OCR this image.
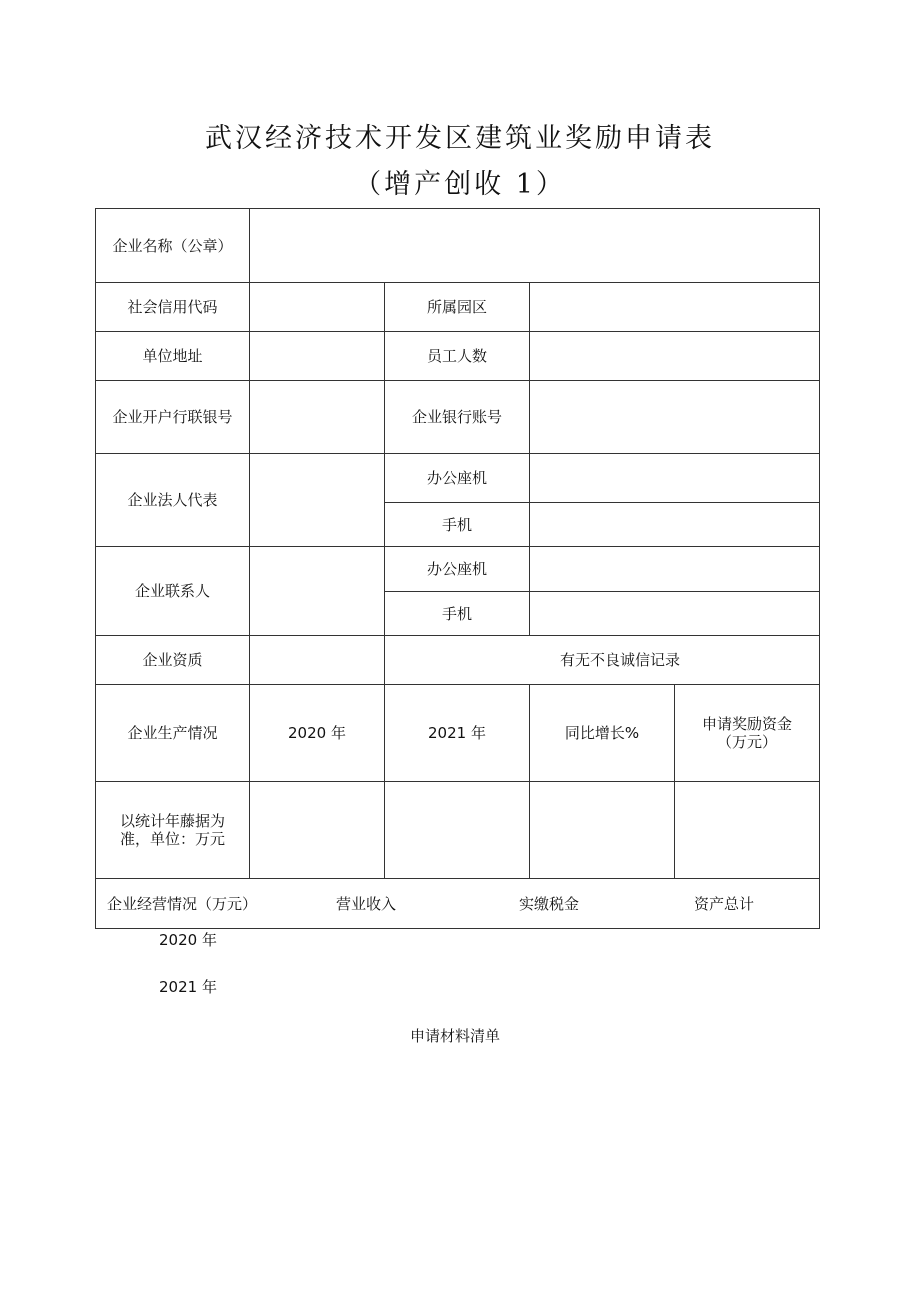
武汉经济技术开发区建筑业奖励申请表
（增产创收 1）
企业名称（公章）				
社会信用代码		所属园区		
单位地址		员工人数		
企业开户行联银号		企业银行账号		
企业法人代表		办公座机		
		手机		
企业联系人		办公座机		
		手机		
企业资质		有无不良诚信记录		
企业生产情况	2020 年	2021 年	同比增长%	申请奖励资金
（万元）

以统计年藤据为
准，单位：万元				

企业经营情况（万元） 营业收入 实缴税金 资产总计				
2020 年
2021 年
申请材料清单
